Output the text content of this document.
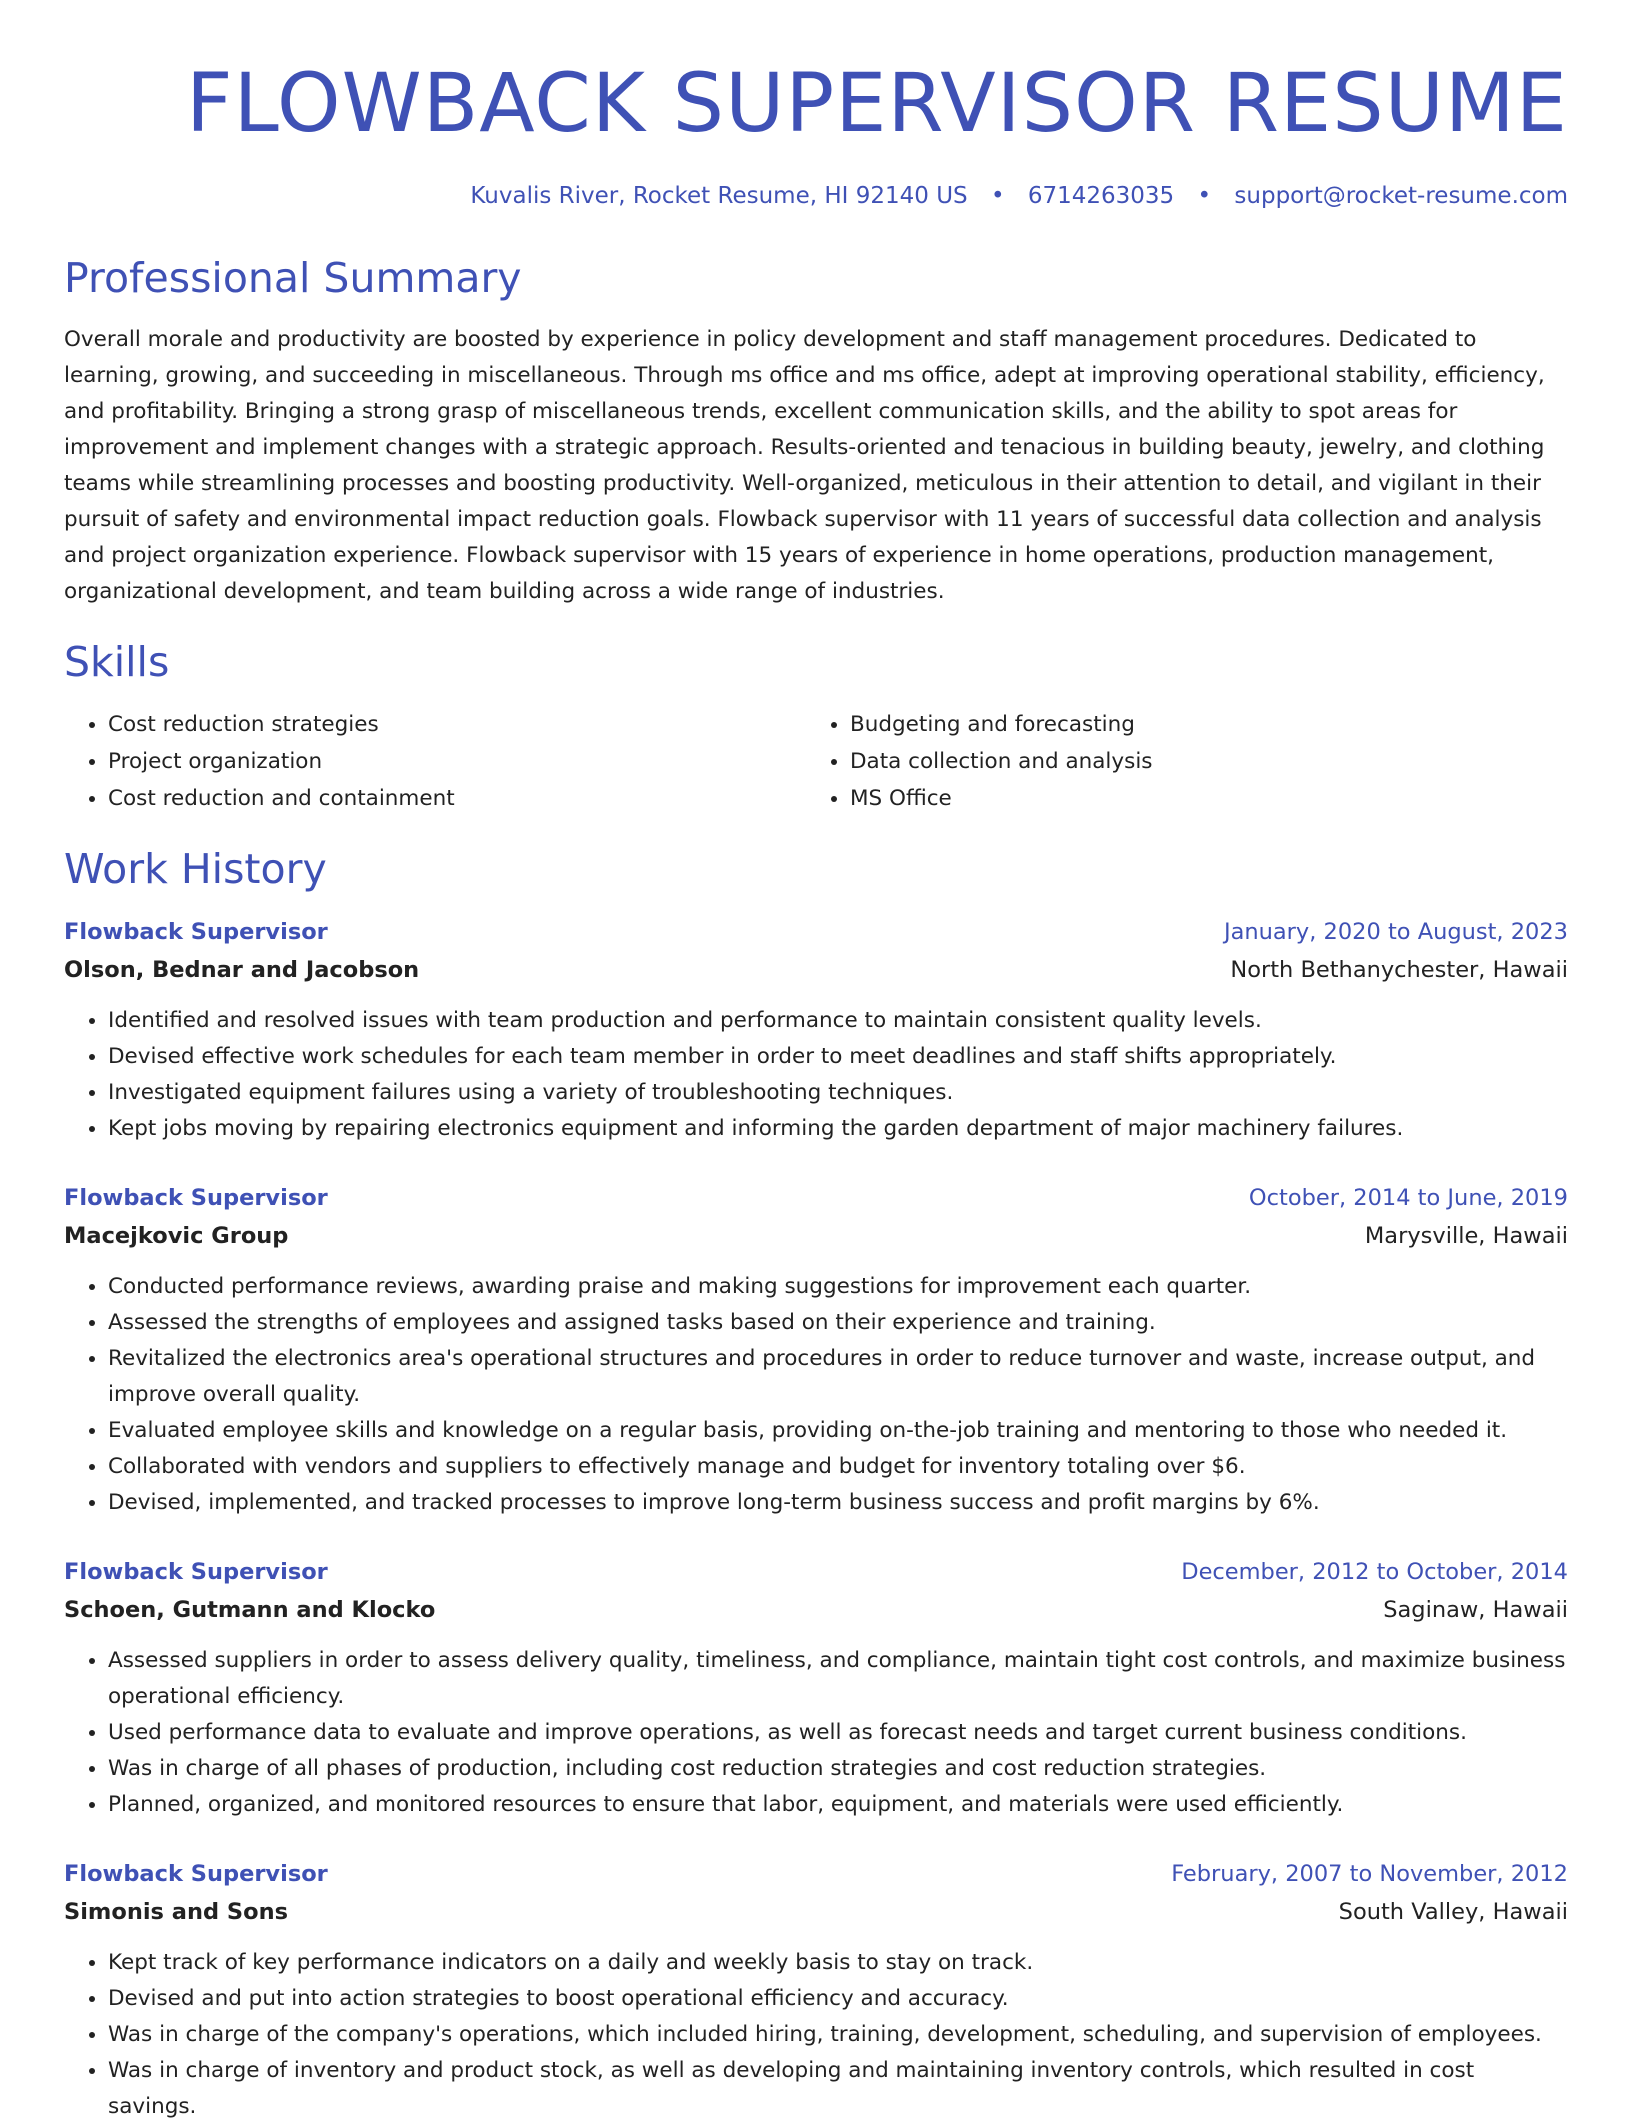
FLOWBACK SUPERVISOR RESUME
Kuvalis River, Rocket Resume, HI 92140 US • 6714263035 • support@rocket-resume.com
Professional Summary

Overall morale and productivity are boosted by experience in policy development and staff management procedures. Dedicated to learning, growing, and succeeding in miscellaneous. Through ms office and ms office, adept at improving operational stability, efficiency, and profitability. Bringing a strong grasp of miscellaneous trends, excellent communication skills, and the ability to spot areas for improvement and implement changes with a strategic approach. Results-oriented and tenacious in building beauty, jewelry, and clothing teams while streamlining processes and boosting productivity. Well-organized, meticulous in their attention to detail, and vigilant in their pursuit of safety and environmental impact reduction goals. Flowback supervisor with 11 years of successful data collection and analysis and project organization experience. Flowback supervisor with 15 years of experience in home operations, production management, organizational development, and team building across a wide range of industries.

Skills
• Cost reduction strategies
• Project organization
• Cost reduction and containment
• Budgeting and forecasting
• Data collection and analysis
• MS Office
Work History
Flowback Supervisor	January, 2020 to August, 2023
Olson, Bednar and Jacobson	North Bethanychester, Hawaii
• Identified and resolved issues with team production and performance to maintain consistent quality levels.
• Devised effective work schedules for each team member in order to meet deadlines and staff shifts appropriately.
• Investigated equipment failures using a variety of troubleshooting techniques.
• Kept jobs moving by repairing electronics equipment and informing the garden department of major machinery failures.
Flowback Supervisor	October, 2014 to June, 2019
Macejkovic Group	Marysville, Hawaii
• Conducted performance reviews, awarding praise and making suggestions for improvement each quarter.
• Assessed the strengths of employees and assigned tasks based on their experience and training.
• Revitalized the electronics area's operational structures and procedures in order to reduce turnover and waste, increase output, and improve overall quality.
• Evaluated employee skills and knowledge on a regular basis, providing on-the-job training and mentoring to those who needed it.
• Collaborated with vendors and suppliers to effectively manage and budget for inventory totaling over $6.
• Devised, implemented, and tracked processes to improve long-term business success and profit margins by 6%.
Flowback Supervisor	December, 2012 to October, 2014
Schoen, Gutmann and Klocko	Saginaw, Hawaii
• Assessed suppliers in order to assess delivery quality, timeliness, and compliance, maintain tight cost controls, and maximize business operational efficiency.
• Used performance data to evaluate and improve operations, as well as forecast needs and target current business conditions.
• Was in charge of all phases of production, including cost reduction strategies and cost reduction strategies.
• Planned, organized, and monitored resources to ensure that labor, equipment, and materials were used efficiently.
Flowback Supervisor	February, 2007 to November, 2012
Simonis and Sons	South Valley, Hawaii
• Kept track of key performance indicators on a daily and weekly basis to stay on track.
• Devised and put into action strategies to boost operational efficiency and accuracy.
• Was in charge of the company's operations, which included hiring, training, development, scheduling, and supervision of employees.
• Was in charge of inventory and product stock, as well as developing and maintaining inventory controls, which resulted in cost savings.
